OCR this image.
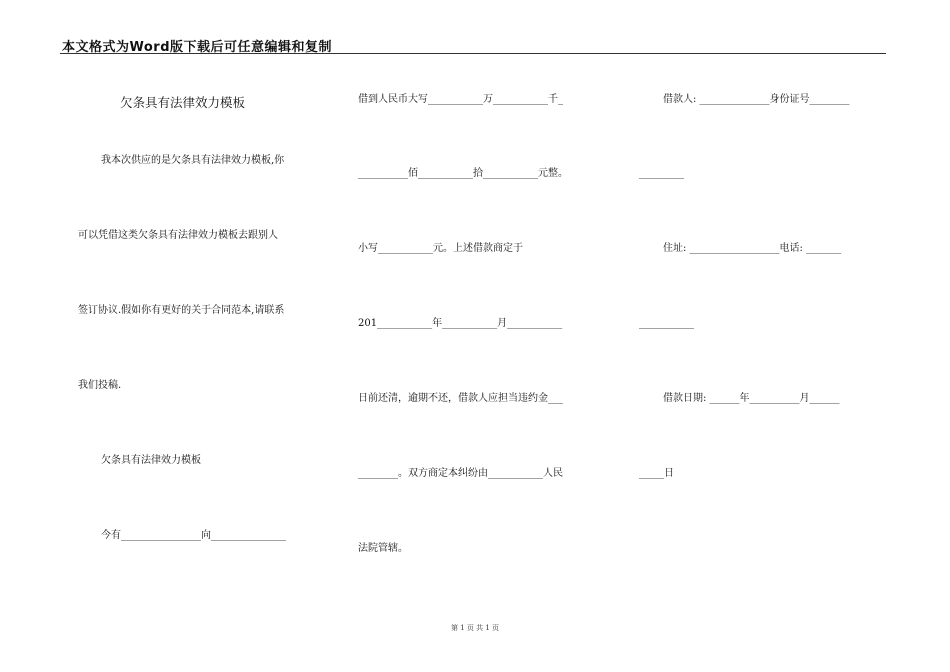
本文格式为Word版下载后可任意编辑和复制
欠条具有法律效力模板
我本次供应的是欠条具有法律效力模板,你
可以凭借这类欠条具有法律效力模板去跟别人
签订协议.假如你有更好的关于合同范本,请联系
我们投稿.
欠条具有法律效力模板
今有________________向_______________
借到人民币大写___________万___________千_
__________佰___________拾___________元整。
小写___________元。上述借款商定于
201___________年___________月___________
日前还清，逾期不还，借款人应担当违约金___
________。双方商定本纠纷由___________人民
法院管辖。
借款人: ______________身份证号________
_________
住址: __________________电话: _______
___________
借款日期: ______年__________月______
_____日
第 1 页 共 1 页
